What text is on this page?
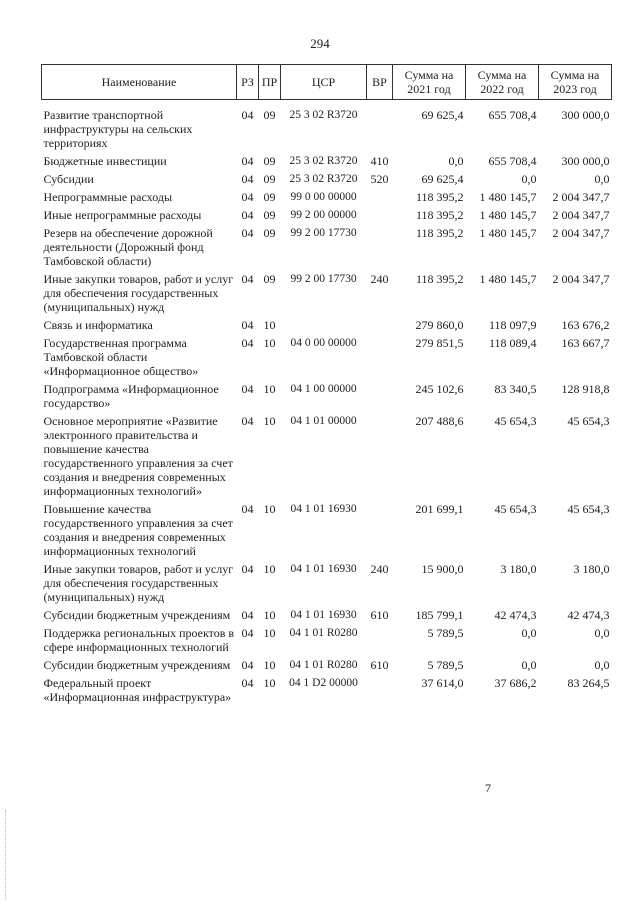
294
Наименование	РЗ	ПР	ЦСР	ВР	Сумма на 2021 год	Сумма на 2022 год	Сумма на 2023 год
Развитие транспортной инфраструктуры на сельских территориях	04	09	25 3 02 R3720		69 625,4	655 708,4	300 000,0
Бюджетные инвестиции	04	09	25 3 02 R3720	410	0,0	655 708,4	300 000,0
Субсидии	04	09	25 3 02 R3720	520	69 625,4	0,0	0,0
Непрограммные расходы	04	09	99 0 00 00000		118 395,2	1 480 145,7	2 004 347,7
Иные непрограммные расходы	04	09	99 2 00 00000		118 395,2	1 480 145,7	2 004 347,7
Резерв на обеспечение дорожной деятельности (Дорожный фонд Тамбовской области)	04	09	99 2 00 17730		118 395,2	1 480 145,7	2 004 347,7
Иные закупки товаров, работ и услуг для обеспечения государственных (муниципальных) нужд	04	09	99 2 00 17730	240	118 395,2	1 480 145,7	2 004 347,7
Связь и информатика	04	10			279 860,0	118 097,9	163 676,2
Государственная программа Тамбовской области «Информационное общество»	04	10	04 0 00 00000		279 851,5	118 089,4	163 667,7
Подпрограмма «Информационное государство»	04	10	04 1 00 00000		245 102,6	83 340,5	128 918,8
Основное мероприятие «Развитие электронного правительства и повышение качества государственного управления за счет создания и внедрения современных информационных технологий»	04	10	04 1 01 00000		207 488,6	45 654,3	45 654,3
Повышение качества государственного управления за счет создания и внедрения современных информационных технологий	04	10	04 1 01 16930		201 699,1	45 654,3	45 654,3
Иные закупки товаров, работ и услуг для обеспечения государственных (муниципальных) нужд	04	10	04 1 01 16930	240	15 900,0	3 180,0	3 180,0
Субсидии бюджетным учреждениям	04	10	04 1 01 16930	610	185 799,1	42 474,3	42 474,3
Поддержка региональных проектов в сфере информационных технологий	04	10	04 1 01 R0280		5 789,5	0,0	0,0
Субсидии бюджетным учреждениям	04	10	04 1 01 R0280	610	5 789,5	0,0	0,0
Федеральный проект «Информационная инфраструктура»	04	10	04 1 D2 00000		37 614,0	37 686,2	83 264,5
7
